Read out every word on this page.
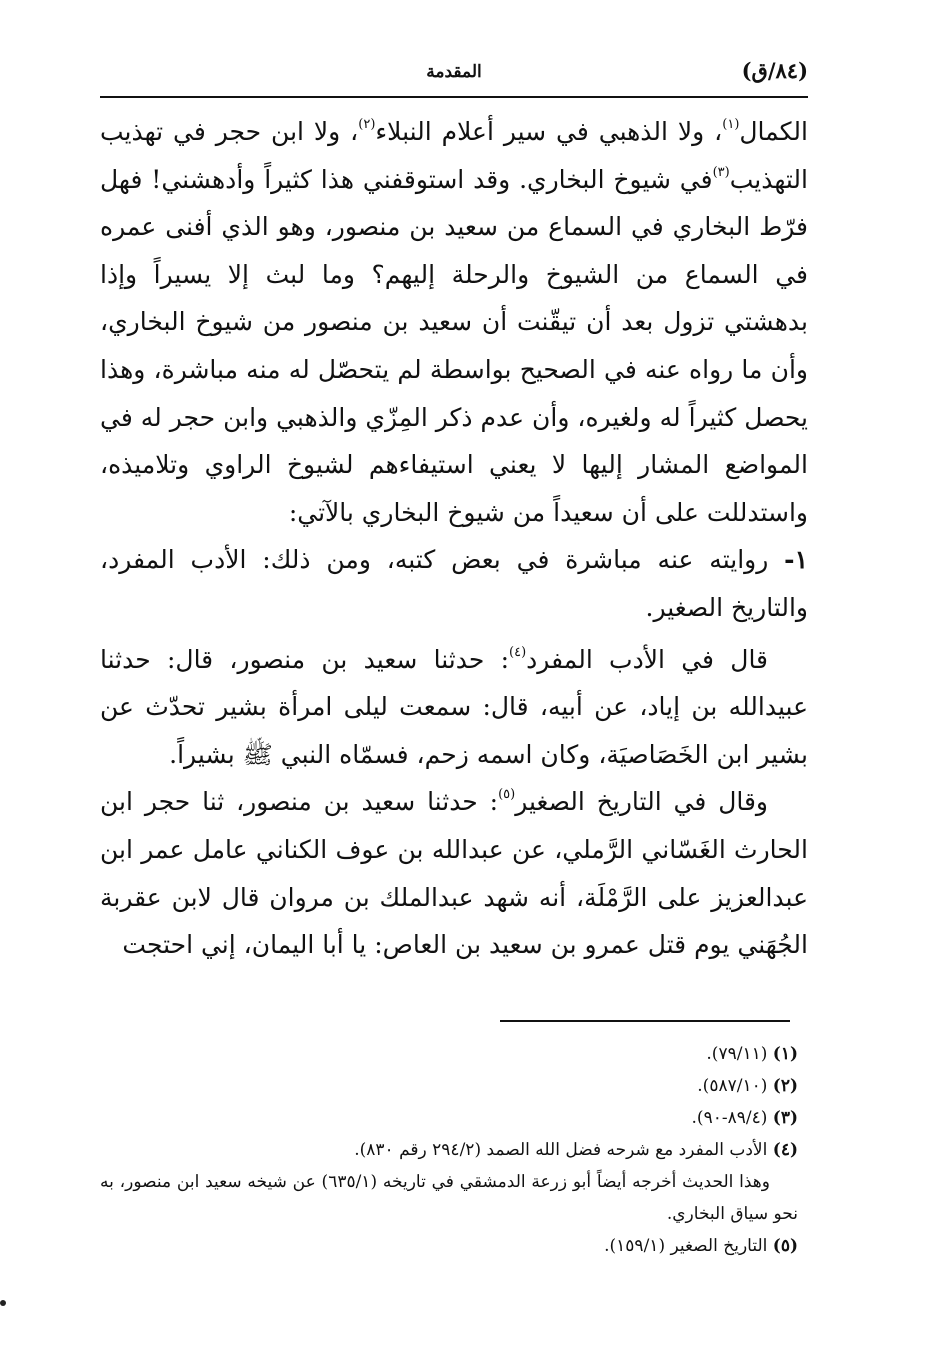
(٨٤/ق)
المقدمة

الكمال$^{(١)}$، ولا الذهبي في سير أعلام النبلاء$^{(٢)}$، ولا ابن حجر في تهذيب التهذيب$^{(٣)}$في شيوخ البخاري. وقد استوقفني هذا كثيراً وأدهشني! فهل فرّط البخاري في السماع من سعيد بن منصور، وهو الذي أفنى عمره في السماع من الشيوخ والرحلة إليهم؟ وما لبث إلا يسيراً وإذا بدهشتي تزول بعد أن تيقّنت أن سعيد بن منصور من شيوخ البخاري، وأن ما رواه عنه في الصحيح بواسطة لم يتحصّل له منه مباشرة، وهذا يحصل كثيراً له ولغيره، وأن عدم ذكر المِزّي والذهبي وابن حجر له في المواضع المشار إليها لا يعني استيفاءهم لشيوخ الراوي وتلاميذه، واستدللت على أن سعيداً من شيوخ البخاري بالآتي:

١- روايته عنه مباشرة في بعض كتبه، ومن ذلك: الأدب المفرد، والتاريخ الصغير.

قال في الأدب المفرد$^{(٤)}$: حدثنا سعيد بن منصور، قال: حدثنا عبيدالله بن إياد، عن أبيه، قال: سمعت ليلى امرأة بشير تحدّث عن بشير ابن الخَصَاصيَة، وكان اسمه زحم، فسمّاه النبي ﷺ بشيراً.

وقال في التاريخ الصغير$^{(٥)}$: حدثنا سعيد بن منصور، ثنا حجر ابن الحارث الغَسّاني الرَّملي، عن عبدالله بن عوف الكناني عامل عمر ابن عبدالعزيز على الرَّمْلَة، أنه شهد عبدالملك بن مروان قال لابن عقربة الجُهَني يوم قتل عمرو بن سعيد بن العاص: يا أبا اليمان، إني احتجت

(١) (٧٩/١١).

(٢) (٥٨٧/١٠).

(٣) (٨٩/٤-٩٠).

(٤) الأدب المفرد مع شرحه فضل الله الصمد (٢٩٤/٢ رقم ٨٣٠).

وهذا الحديث أخرجه أيضاً أبو زرعة الدمشقي في تاريخه (٦٣٥/١) عن شيخه سعيد ابن منصور، به نحو سياق البخاري.

(٥) التاريخ الصغير (١٥٩/١).
